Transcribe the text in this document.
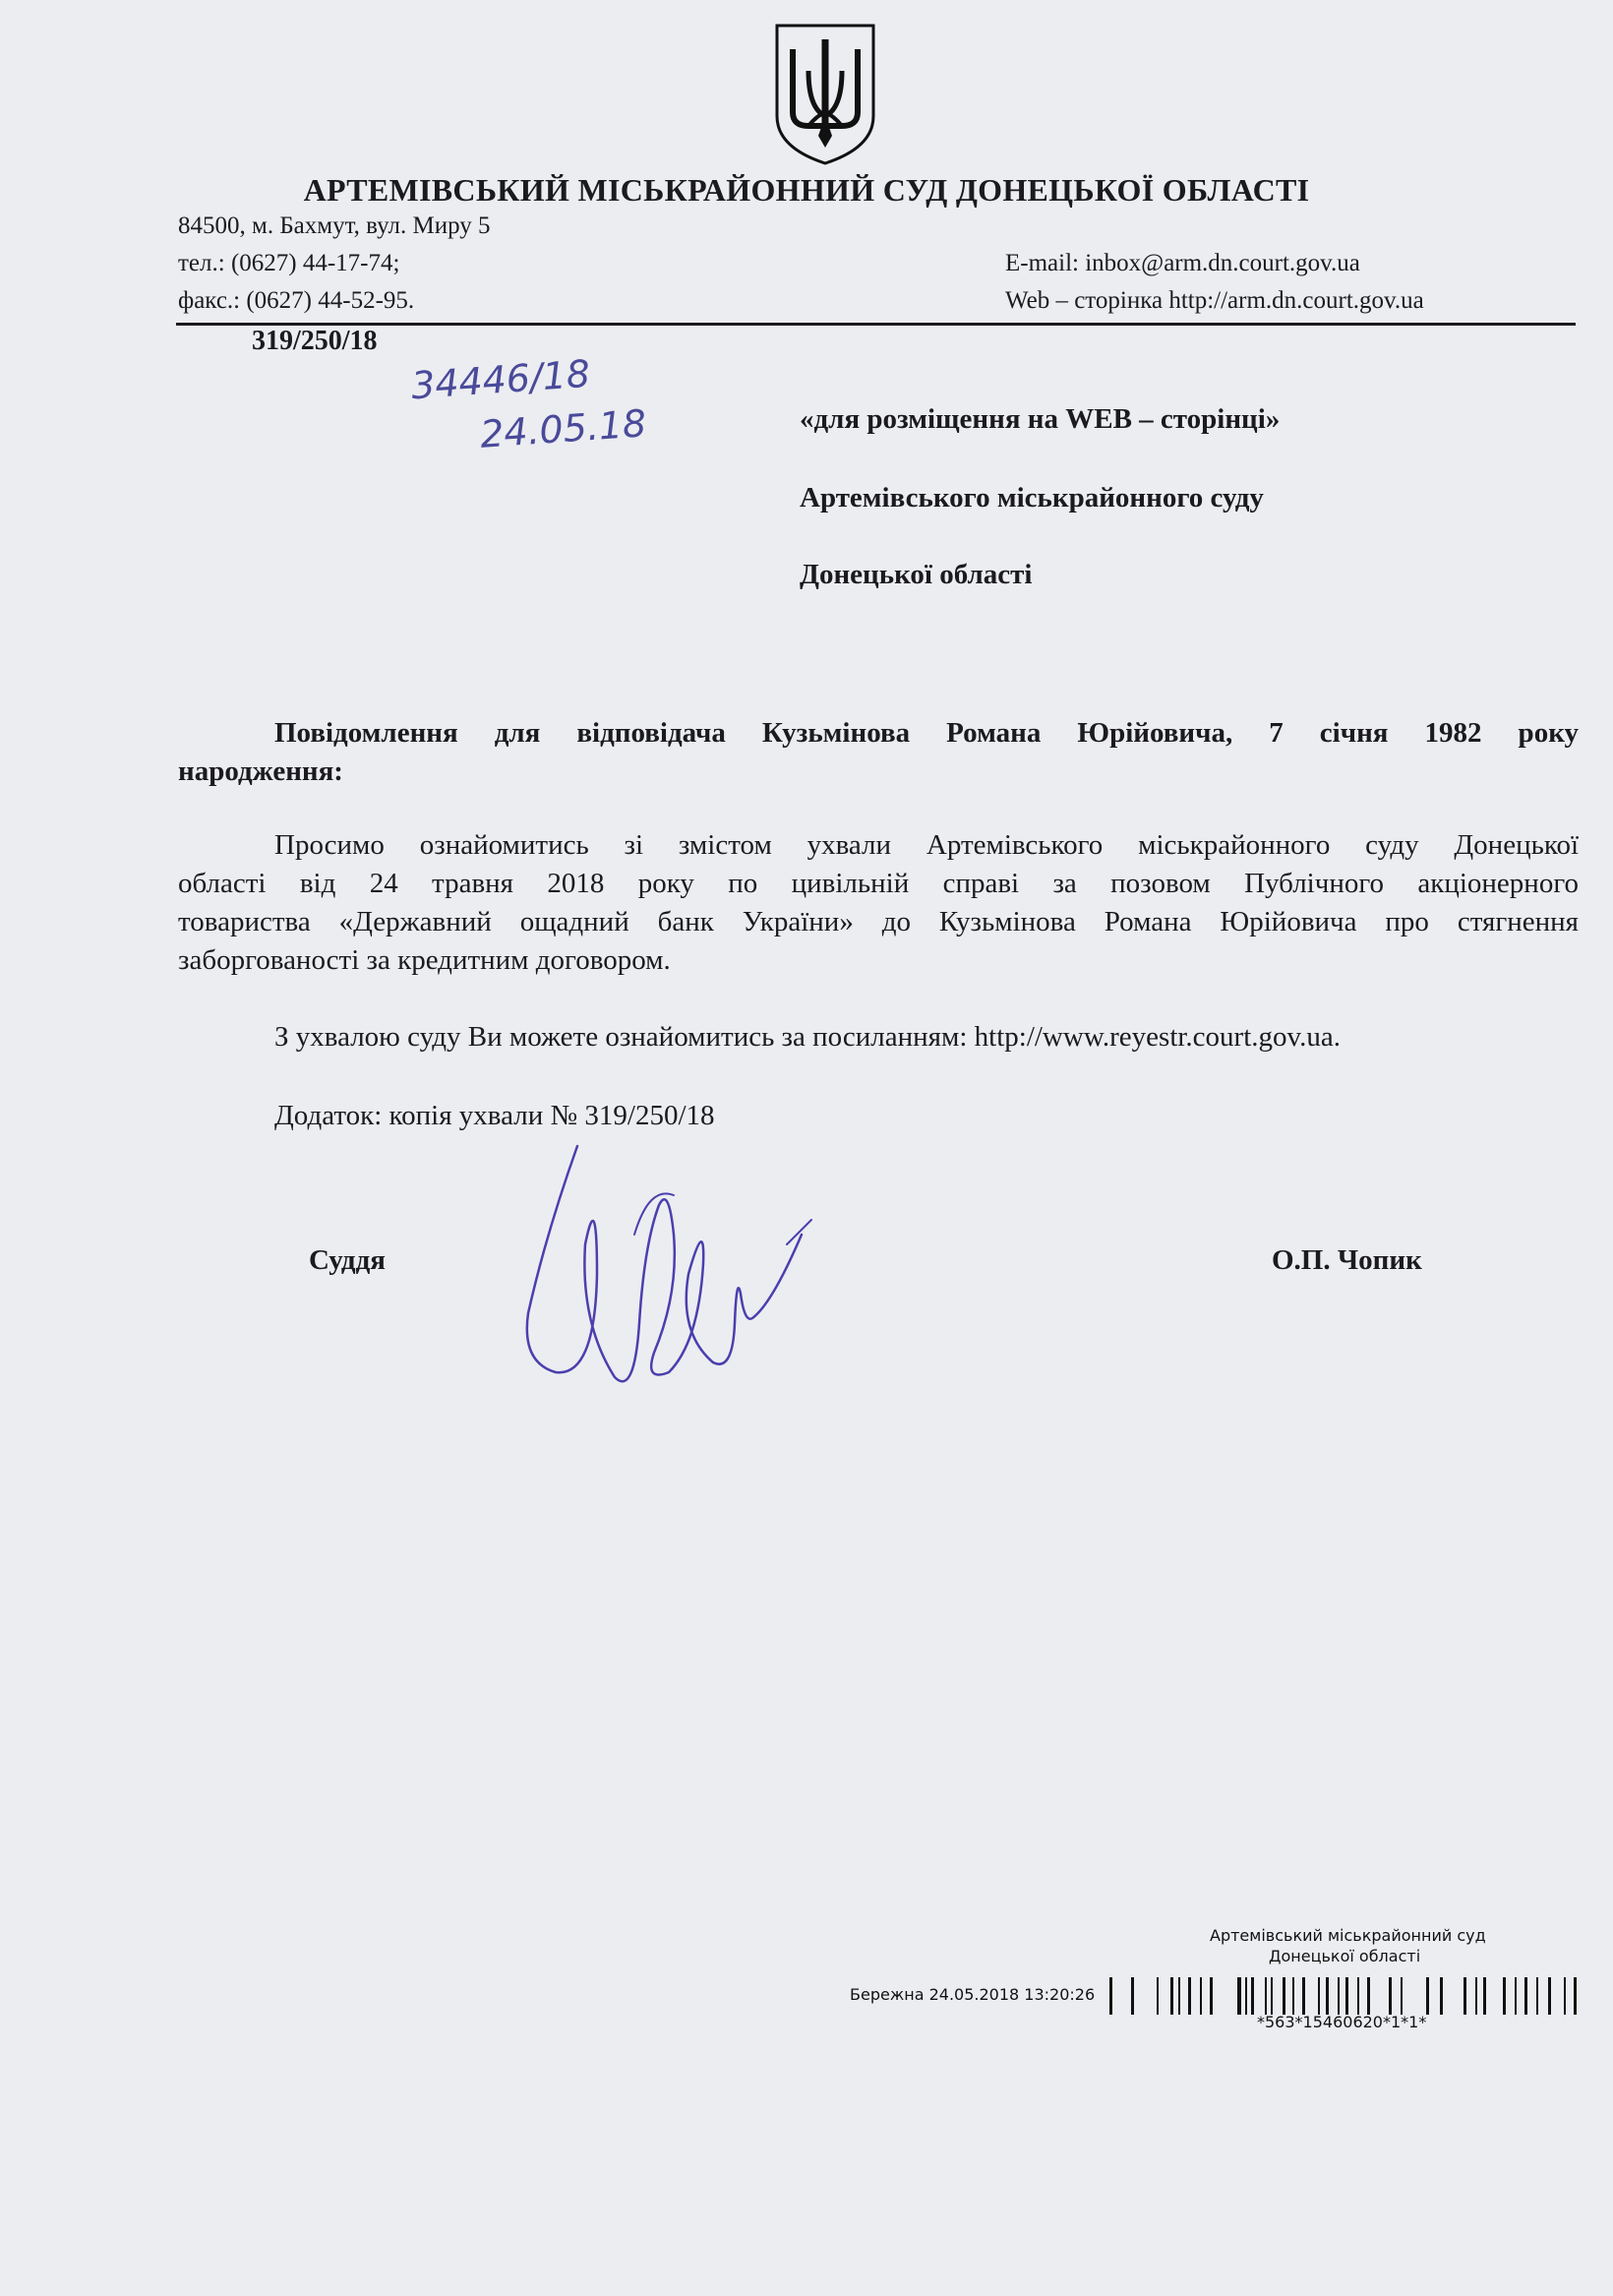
АРТЕМІВСЬКИЙ МІСЬКРАЙОННИЙ СУД ДОНЕЦЬКОЇ ОБЛАСТІ
84500, м. Бахмут, вул. Миру 5
тел.: (0627) 44-17-74;
факс.: (0627) 44-52-95.
E-mail: inbox@arm.dn.court.gov.ua
Web – сторінка http://arm.dn.court.gov.ua
319/250/18
34446/18
24.05.18	«для розміщення на WEB – сторінці»
Артемівського міськрайонного суду
Донецької області
Повідомлення для відповідача Кузьмінова Романа Юрійовича, 7 січня 1982 року
народження:
Просимо ознайомитись зі змістом ухвали Артемівського міськрайонного суду Донецької
області від 24 травня 2018 року по цивільній справі за позовом Публічного акціонерного
товариства «Державний ощадний банк України» до Кузьмінова Романа Юрійовича про стягнення
заборгованості за кредитним договором.
З ухвалою суду Ви можете ознайомитись за посиланням: http://www.reyestr.court.gov.ua.
Додаток: копія ухвали № 319/250/18
Суддя	О.П. Чопик
Артемівський міськрайонний суд
Донецької області
Бережна 24.05.2018 13:20:26
*563*15460620*1*1*
